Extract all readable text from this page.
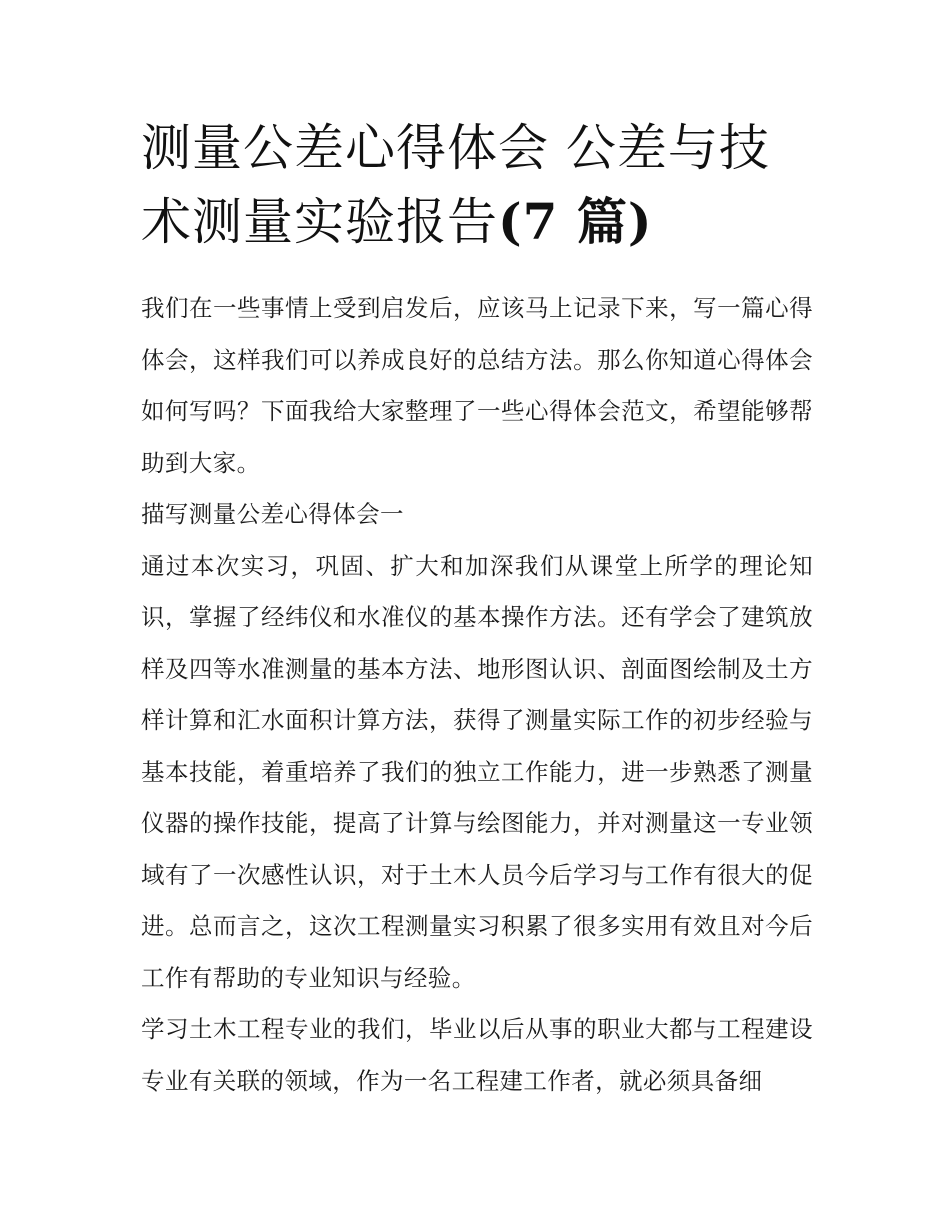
测量公差心得体会 公差与技术测量实验报告(7 篇)

我们在一些事情上受到启发后，应该马上记录下来，写一篇心得体会，这样我们可以养成良好的总结方法。那么你知道心得体会如何写吗？下面我给大家整理了一些心得体会范文，希望能够帮助到大家。

描写测量公差心得体会一

通过本次实习，巩固、扩大和加深我们从课堂上所学的理论知识，掌握了经纬仪和水准仪的基本操作方法。还有学会了建筑放样及四等水准测量的基本方法、地形图认识、剖面图绘制及土方样计算和汇水面积计算方法，获得了测量实际工作的初步经验与基本技能，着重培养了我们的独立工作能力，进一步熟悉了测量仪器的操作技能，提高了计算与绘图能力，并对测量这一专业领域有了一次感性认识，对于土木人员今后学习与工作有很大的促进。总而言之，这次工程测量实习积累了很多实用有效且对今后工作有帮助的专业知识与经验。

学习土木工程专业的我们，毕业以后从事的职业大都与工程建设专业有关联的领域，作为一名工程建工作者，就必须具备细
